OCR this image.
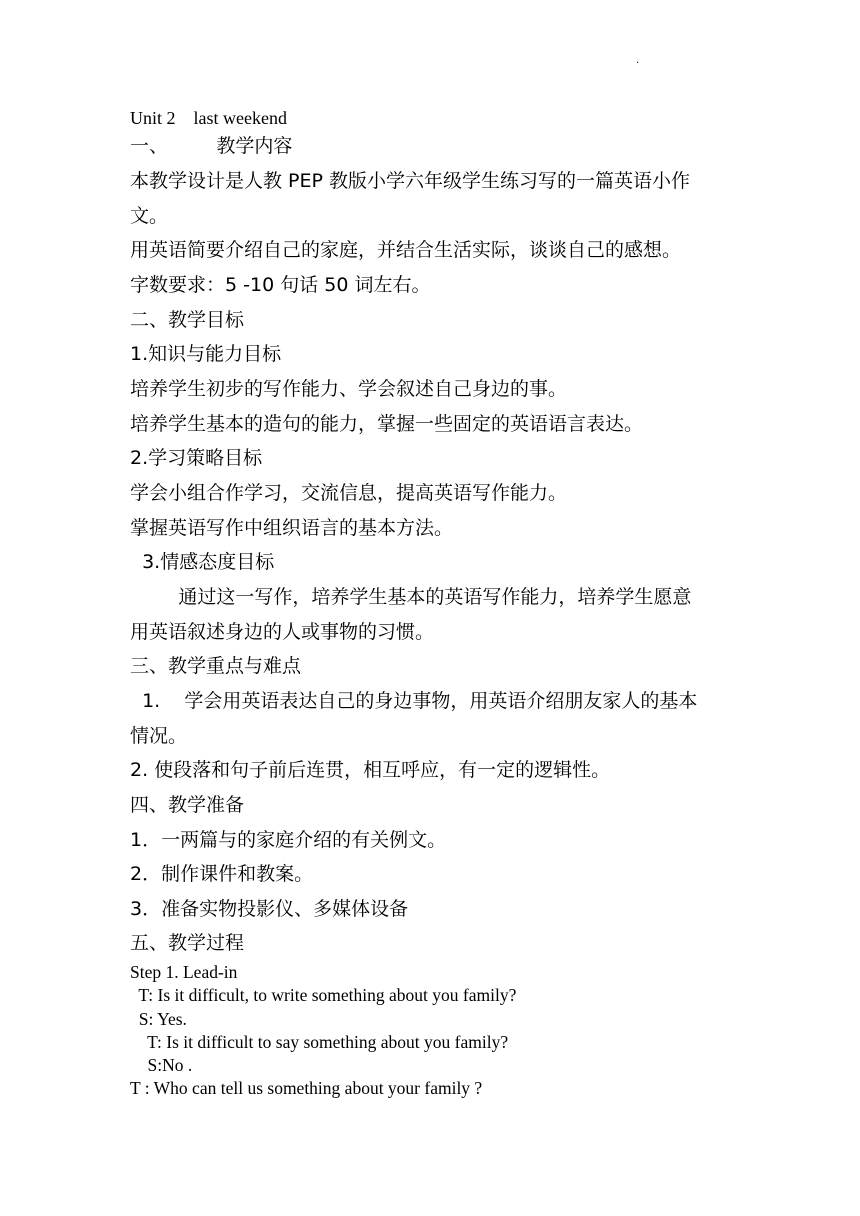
.
Unit 2    last weekend
一、        教学内容
本教学设计是人教 PEP 教版小学六年级学生练习写的一篇英语小作
文。
用英语简要介绍自己的家庭，并结合生活实际，谈谈自己的感想。
字数要求：5 -10 句话 50 词左右。
二、教学目标
1.知识与能力目标
培养学生初步的写作能力、学会叙述自己身边的事。
培养学生基本的造句的能力，掌握一些固定的英语语言表达。
2.学习策略目标
学会小组合作学习，交流信息，提高英语写作能力。
掌握英语写作中组织语言的基本方法。
3.情感态度目标
通过这一写作，培养学生基本的英语写作能力，培养学生愿意
用英语叙述身边的人或事物的习惯。
三、教学重点与难点
1.    学会用英语表达自己的身边事物，用英语介绍朋友家人的基本
情况。
2. 使段落和句子前后连贯，相互呼应，有一定的逻辑性。
四、教学准备
1．一两篇与的家庭介绍的有关例文。
2．制作课件和教案。
3．准备实物投影仪、多媒体设备
五、教学过程
Step 1. Lead-in
T: Is it difficult, to write something about you family?
S: Yes.
T: Is it difficult to say something about you family?
S:No .
T : Who can tell us something about your family ?
